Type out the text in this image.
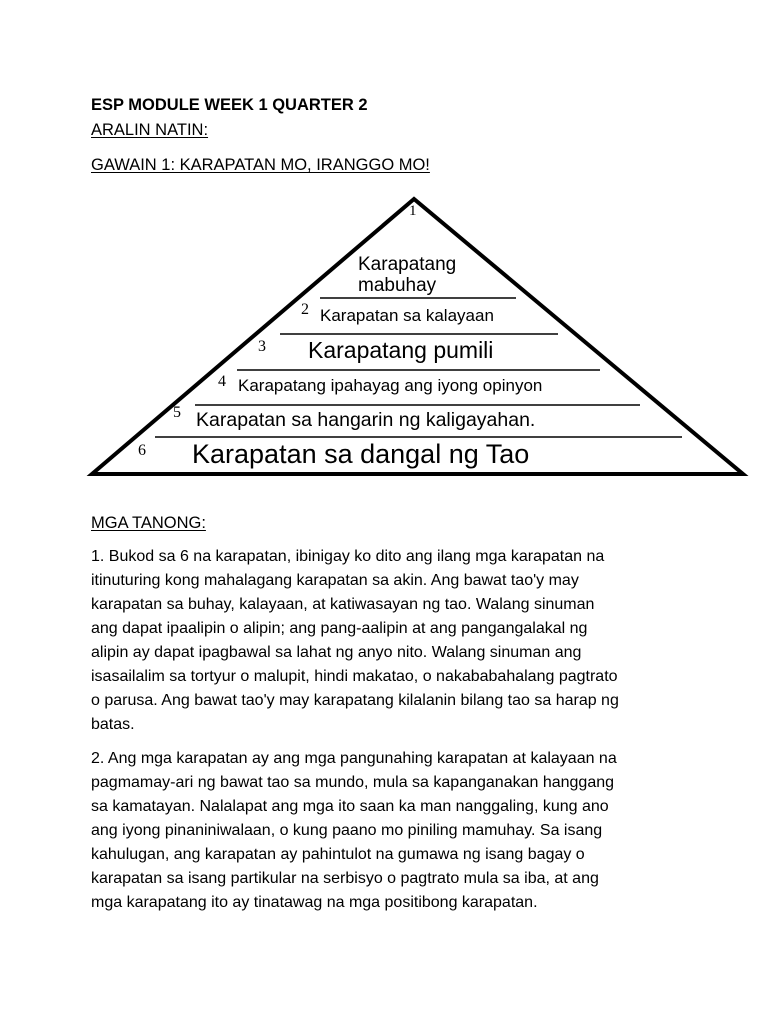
ESP MODULE WEEK 1 QUARTER 2
ARALIN NATIN:
GAWAIN 1: KARAPATAN MO, IRANGGO MO!
1
Karapatang mabuhay
2 Karapatan sa kalayaan
3 Karapatang pumili
4 Karapatang ipahayag ang iyong opinyon
5 Karapatan sa hangarin ng kaligayahan.
6 Karapatan sa dangal ng Tao
MGA TANONG:
1. Bukod sa 6 na karapatan, ibinigay ko dito ang ilang mga karapatan na
itinuturing kong mahalagang karapatan sa akin. Ang bawat tao'y may
karapatan sa buhay, kalayaan, at katiwasayan ng tao. Walang sinuman
ang dapat ipaalipin o alipin; ang pang-aalipin at ang pangangalakal ng
alipin ay dapat ipagbawal sa lahat ng anyo nito. Walang sinuman ang
isasailalim sa tortyur o malupit, hindi makatao, o nakababahalang pagtrato
o parusa. Ang bawat tao'y may karapatang kilalanin bilang tao sa harap ng
batas.
2. Ang mga karapatan ay ang mga pangunahing karapatan at kalayaan na
pagmamay-ari ng bawat tao sa mundo, mula sa kapanganakan hanggang
sa kamatayan. Nalalapat ang mga ito saan ka man nanggaling, kung ano
ang iyong pinaniniwalaan, o kung paano mo piniling mamuhay. Sa isang
kahulugan, ang karapatan ay pahintulot na gumawa ng isang bagay o
karapatan sa isang partikular na serbisyo o pagtrato mula sa iba, at ang
mga karapatang ito ay tinatawag na mga positibong karapatan.
